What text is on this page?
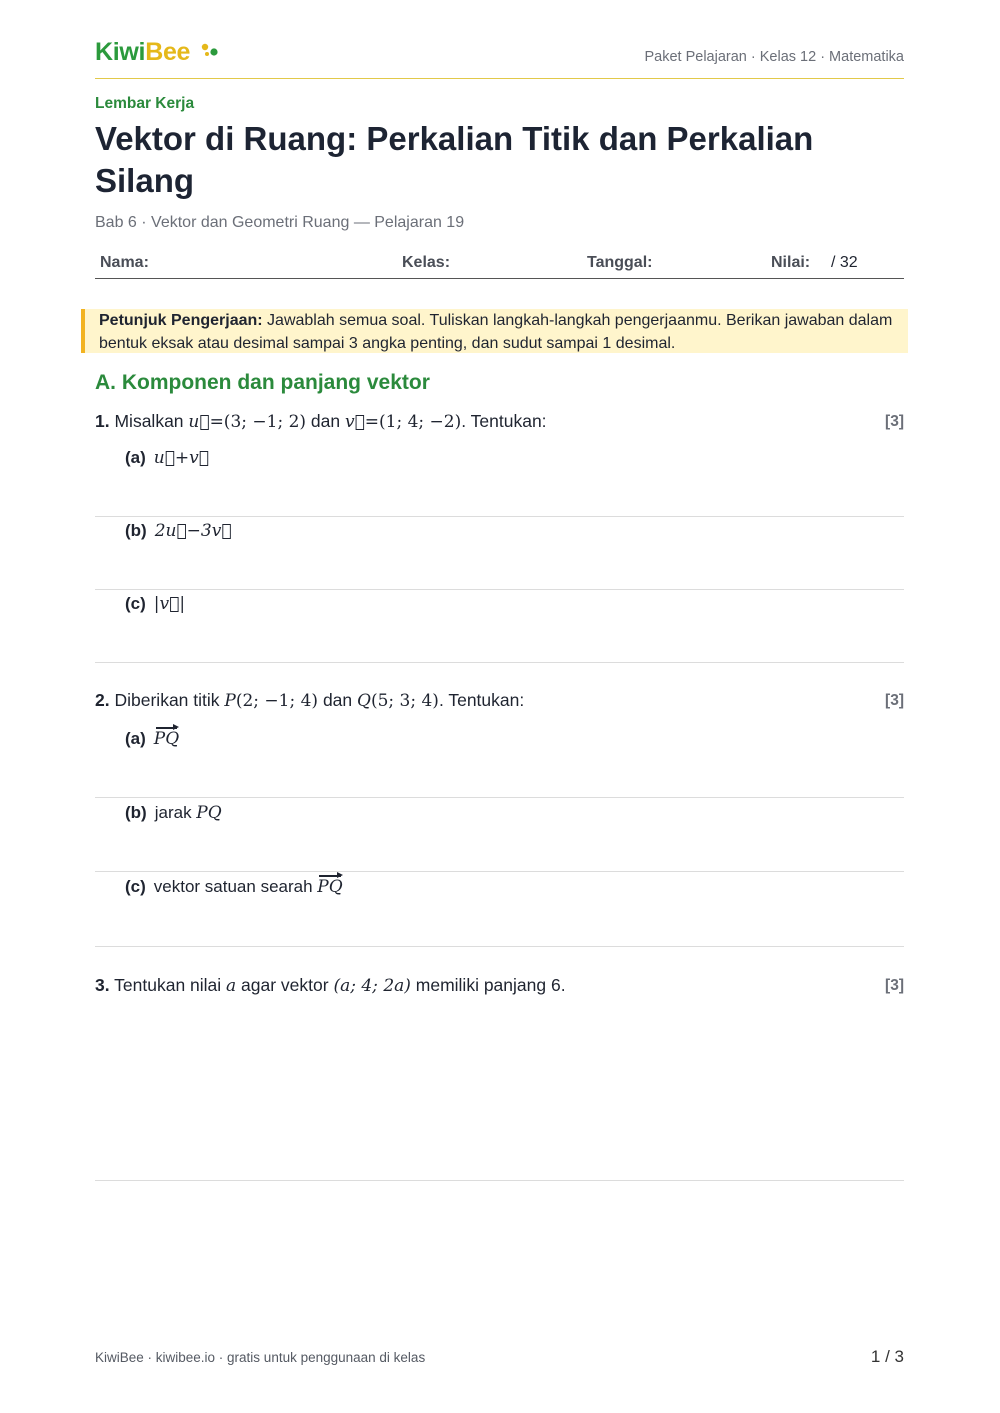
KiwiBee	Paket Pelajaran · Kelas 12 · Matematika
Lembar Kerja
Vektor di Ruang: Perkalian Titik dan Perkalian Silang
Bab 6 · Vektor dan Geometri Ruang — Pelajaran 19
Nama:	Kelas:	Tanggal:	Nilai: / 32
Petunjuk Pengerjaan: Jawablah semua soal. Tuliskan langkah-langkah pengerjaanmu. Berikan jawaban dalam bentuk eksak atau desimal sampai 3 angka penting, dan sudut sampai 1 desimal.
A. Komponen dan panjang vektor
1. Misalkan u⃗=(3; −1; 2) dan v⃗=(1; 4; −2). Tentukan:	[3]
(a) u⃗+v⃗
(b) 2u⃗−3v⃗
(c) |v⃗|
2. Diberikan titik P(2; −1; 4) dan Q(5; 3; 4). Tentukan:	[3]
(a) PQ
(b) jarak PQ
(c) vektor satuan searah PQ
3. Tentukan nilai a agar vektor (a; 4; 2a) memiliki panjang 6.	[3]
KiwiBee · kiwibee.io · gratis untuk penggunaan di kelas	1 / 3
